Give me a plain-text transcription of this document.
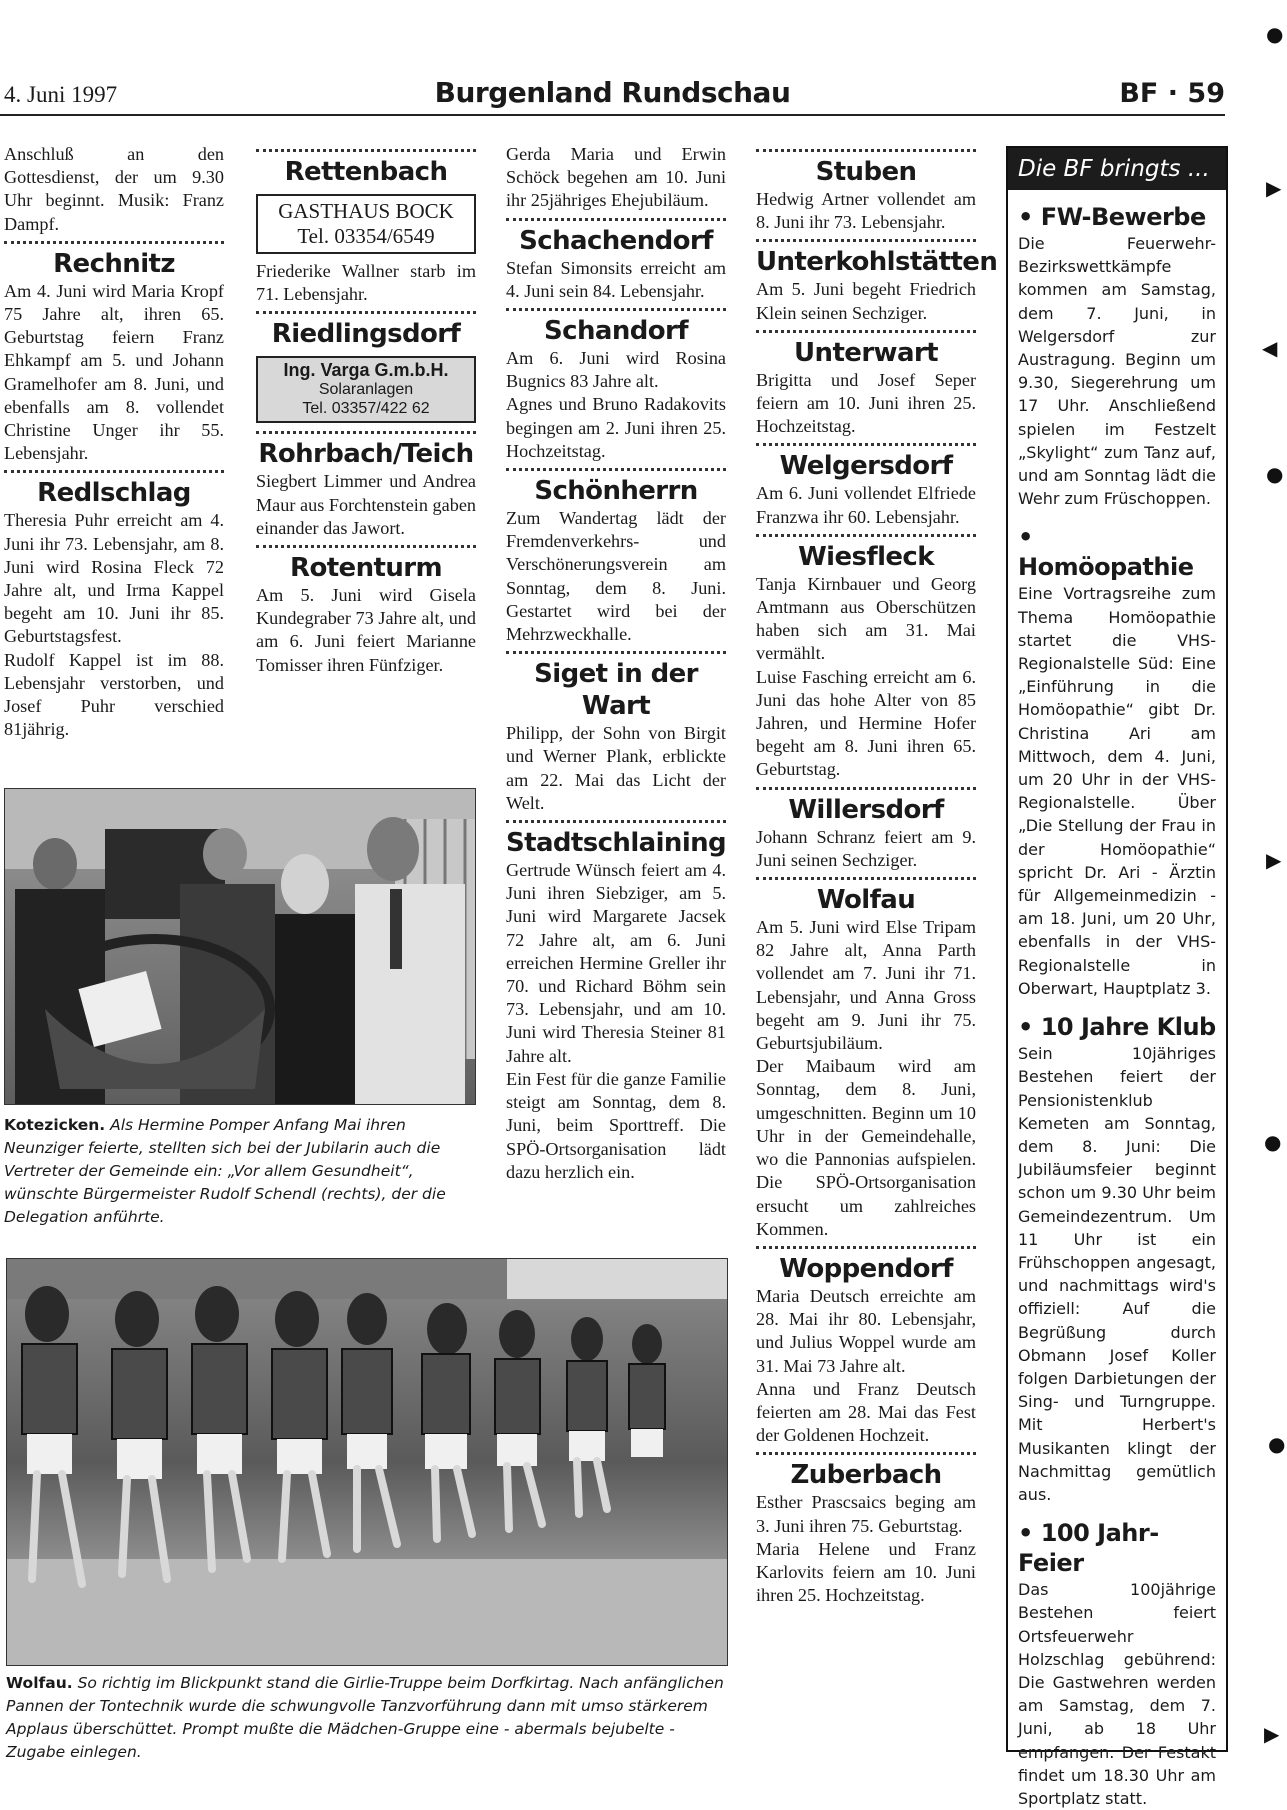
4. Juni 1997	Burgenland Rundschau	BF · 59

Anschluß an den Gottesdienst, der um 9.30 Uhr beginnt. Musik: Franz Dampf.

Rechnitz

Am 4. Juni wird Maria Kropf 75 Jahre alt, ihren 65. Geburtstag feiern Franz Ehkampf am 5. und Johann Gramelhofer am 8. Juni, und ebenfalls am 8. vollendet Christine Unger ihr 55. Lebensjahr.

Redlschlag

Theresia Puhr erreicht am 4. Juni ihr 73. Lebensjahr, am 8. Juni wird Rosina Fleck 72 Jahre alt, und Irma Kappel begeht am 10. Juni ihr 85. Geburtstagsfest.

Rudolf Kappel ist im 88. Lebensjahr verstorben, und Josef Puhr verschied 81jährig.

Rettenbach
GASTHAUS BOCK
Tel. 03354/6549

Friederike Wallner starb im 71. Lebensjahr.

Riedlingsdorf
Ing. Varga G.m.b.H.
Solaranlagen
Tel. 03357/422 62
Rohrbach/Teich

Siegbert Limmer und Andrea Maur aus Forchtenstein gaben einander das Jawort.

Rotenturm

Am 5. Juni wird Gisela Kundegraber 73 Jahre alt, und am 6. Juni feiert Marianne Tomisser ihren Fünfziger.

Gerda Maria und Erwin Schöck begehen am 10. Juni ihr 25jähriges Ehejubiläum.

Schachendorf

Stefan Simonsits erreicht am 4. Juni sein 84. Lebensjahr.

Schandorf

Am 6. Juni wird Rosina Bugnics 83 Jahre alt.

Agnes und Bruno Radakovits begingen am 2. Juni ihren 25. Hochzeitstag.

Schönherrn

Zum Wandertag lädt der Fremdenverkehrs- und Verschönerungsverein am Sonntag, dem 8. Juni. Gestartet wird bei der Mehrzweckhalle.

Siget in der Wart

Philipp, der Sohn von Birgit und Werner Plank, erblickte am 22. Mai das Licht der Welt.

Stadtschlaining

Gertrude Wünsch feiert am 4. Juni ihren Siebziger, am 5. Juni wird Margarete Jacsek 72 Jahre alt, am 6. Juni erreichen Hermine Greller ihr 70. und Richard Böhm sein 73. Lebensjahr, und am 10. Juni wird Theresia Steiner 81 Jahre alt.

Ein Fest für die ganze Familie steigt am Sonntag, dem 8. Juni, beim Sporttreff. Die SPÖ-Ortsorganisation lädt dazu herzlich ein.

Stuben

Hedwig Artner vollendet am 8. Juni ihr 73. Lebensjahr.

Unterkohlstätten

Am 5. Juni begeht Friedrich Klein seinen Sechziger.

Unterwart

Brigitta und Josef Seper feiern am 10. Juni ihren 25. Hochzeitstag.

Welgersdorf

Am 6. Juni vollendet Elfriede Franzwa ihr 60. Lebensjahr.

Wiesfleck

Tanja Kirnbauer und Georg Amtmann aus Oberschützen haben sich am 31. Mai vermählt.

Luise Fasching erreicht am 6. Juni das hohe Alter von 85 Jahren, und Hermine Hofer begeht am 8. Juni ihren 65. Geburtstag.

Willersdorf

Johann Schranz feiert am 9. Juni seinen Sechziger.

Wolfau

Am 5. Juni wird Else Tripam 82 Jahre alt, Anna Parth vollendet am 7. Juni ihr 71. Lebensjahr, und Anna Gross begeht am 9. Juni ihr 75. Geburtsjubiläum.

Der Maibaum wird am Sonntag, dem 8. Juni, umgeschnitten. Beginn um 10 Uhr in der Gemeindehalle, wo die Pannonias aufspielen. Die SPÖ-Ortsorganisation ersucht um zahlreiches Kommen.

Woppendorf

Maria Deutsch erreichte am 28. Mai ihr 80. Lebensjahr, und Julius Woppel wurde am 31. Mai 73 Jahre alt.

Anna und Franz Deutsch feierten am 28. Mai das Fest der Goldenen Hochzeit.

Zuberbach

Esther Prascsaics beging am 3. Juni ihren 75. Geburtstag.

Maria Helene und Franz Karlovits feiern am 10. Juni ihren 25. Hochzeitstag.

Kotezicken. Als Hermine Pomper Anfang Mai ihren Neunziger feierte, stellten sich bei der Jubilarin auch die Vertreter der Gemeinde ein: „Vor allem Gesundheit“, wünschte Bürgermeister Rudolf Schendl (rechts), der die Delegation anführte.
Wolfau. So richtig im Blickpunkt stand die Girlie-Truppe beim Dorfkirtag. Nach anfänglichen Pannen der Tontechnik wurde die schwungvolle Tanzvorführung dann mit umso stärkerem Applaus überschüttet. Prompt mußte die Mädchen-Gruppe eine - abermals bejubelte - Zugabe einlegen.
Die BF bringts ...
• FW-Bewerbe
Die Feuerwehr-Bezirkswettkämpfe kommen am Samstag, dem 7. Juni, in Welgersdorf zur Austragung. Beginn um 9.30, Siegerehrung um 17 Uhr. Anschließend spielen im Festzelt „Skylight“ zum Tanz auf, und am Sonntag lädt die Wehr zum Früschoppen.
• Homöopathie
Eine Vortragsreihe zum Thema Homöopathie startet die VHS-Regionalstelle Süd: Eine „Einführung in die Homöopathie“ gibt Dr. Christina Ari am Mittwoch, dem 4. Juni, um 20 Uhr in der VHS-Regionalstelle. Über „Die Stellung der Frau in der Homöopathie“ spricht Dr. Ari - Ärztin für Allgemeinmedizin - am 18. Juni, um 20 Uhr, ebenfalls in der VHS-Regionalstelle in Oberwart, Hauptplatz 3.
• 10 Jahre Klub
Sein 10jähriges Bestehen feiert der Pensionistenklub Kemeten am Sonntag, dem 8. Juni: Die Jubiläumsfeier beginnt schon um 9.30 Uhr beim Gemeindezentrum. Um 11 Uhr ist ein Frühschoppen angesagt, und nachmittags wird's offiziell: Auf die Begrüßung durch Obmann Josef Koller folgen Darbietungen der Sing- und Turngruppe. Mit Herbert's Musikanten klingt der Nachmittag gemütlich aus.
• 100 Jahr-Feier
Das 100jährige Bestehen feiert Ortsfeuerwehr Holzschlag gebührend: Die Gastwehren werden am Samstag, dem 7. Juni, ab 18 Uhr empfangen. Der Festakt findet um 18.30 Uhr am Sportplatz statt.
●
▶
◀
●
▶
●
●
▶
